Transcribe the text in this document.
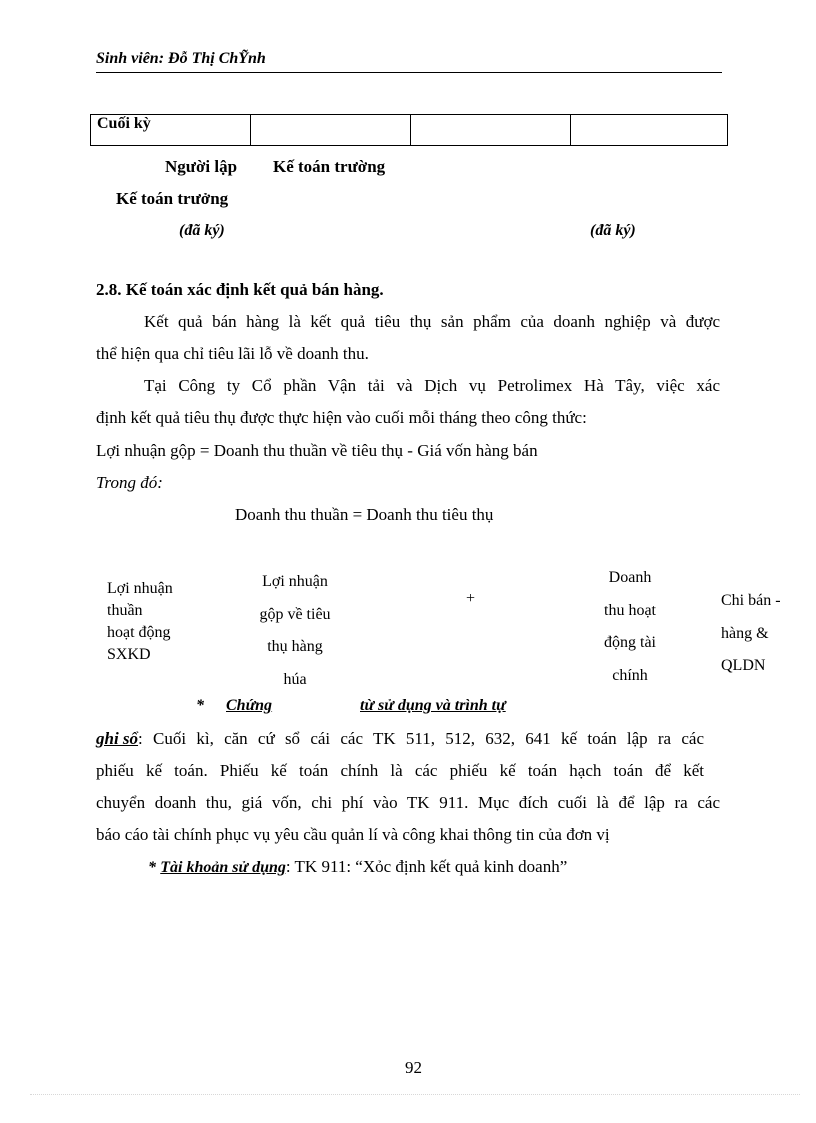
Sinh viên: Đỗ Thị ChỸnh
Cuối kỳ			
Người lập Kế toán trường
Kế toán trưởng
(đã ký)	(đã ký)
2.8. Kế toán xác định kết quả bán hàng.
Kết quả bán hàng là kết quả tiêu thụ sản phẩm của doanh nghiệp và được
thể hiện qua chỉ tiêu lãi lỗ về doanh thu.
Tại Công ty Cổ phần Vận tải và Dịch vụ Petrolimex Hà Tây, việc xác
định kết quả tiêu thụ được thực hiện vào cuối mỗi tháng theo công thức:
Lợi nhuận gộp = Doanh thu thuần về tiêu thụ - Giá vốn hàng bán
Trong đó:
Doanh thu thuần = Doanh thu tiêu thụ
Lợi nhuận
thuần
hoạt động
SXKD
Lợi nhuận
gộp về tiêu
thụ hàng
húa
+
Doanh
thu hoạt
động tài
chính
Chi bán -
hàng &
QLDN
* Chứng	từ sử dụng và trình tự
ghi sổ : Cuối kì, căn cứ sổ cái các TK 511, 512, 632, 641 kế toán lập ra các
phiếu kế toán. Phiếu kế toán chính là các phiếu kế toán hạch toán để kết
chuyển doanh thu, giá vốn, chi phí vào TK 911. Mục đích cuối là để lập ra các
báo cáo tài chính phục vụ yêu cầu quản lí và công khai thông tin của đơn vị
* Tài khoản sử dụng: TK 911: “Xỏc định kết quả kinh doanh”
92
